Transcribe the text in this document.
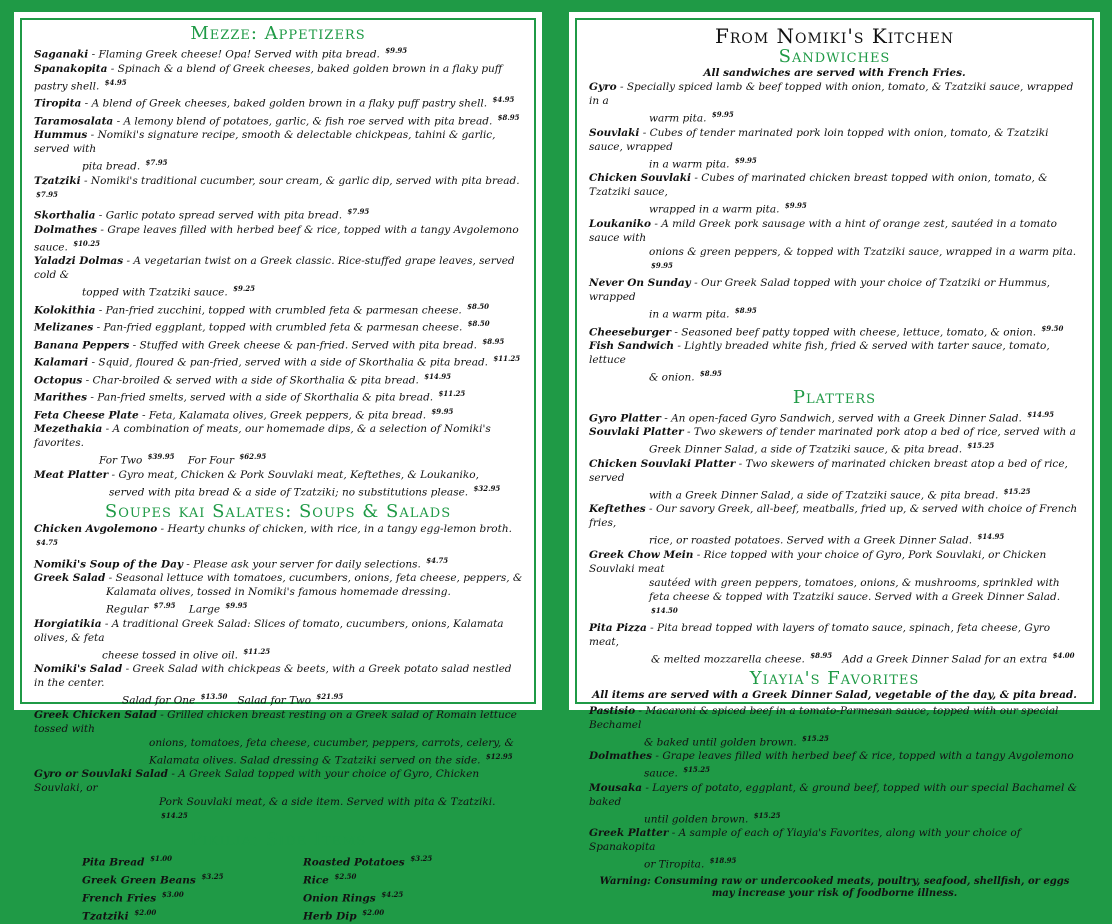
Mezze: Appetizers

Saganaki - Flaming Greek cheese! Opa! Served with pita bread. $^{\$9.95}$

Spanakopita - Spinach & a blend of Greek cheeses, baked golden brown in a flaky puff pastry shell. $^{\$4.95}$

Tiropita - A blend of Greek cheeses, baked golden brown in a flaky puff pastry shell. $^{\$4.95}$

Taramosalata - A lemony blend of potatoes, garlic, & fish roe served with pita bread. $^{\$8.95}$

Hummus - Nomiki's signature recipe, smooth & delectable chickpeas, tahini & garlic, served with
pita bread. $^{\$7.95}$

Tzatziki - Nomiki's traditional cucumber, sour cream, & garlic dip, served with pita bread. $^{\$7.95}$

Skorthalia - Garlic potato spread served with pita bread. $^{\$7.95}$

Dolmathes - Grape leaves filled with herbed beef & rice, topped with a tangy Avgolemono sauce. $^{\$10.25}$

Yaladzi Dolmas - A vegetarian twist on a Greek classic. Rice-stuffed grape leaves, served cold &
topped with Tzatziki sauce. $^{\$9.25}$

Kolokithia - Pan-fried zucchini, topped with crumbled feta & parmesan cheese. $^{\$8.50}$

Melizanes - Pan-fried eggplant, topped with crumbled feta & parmesan cheese. $^{\$8.50}$

Banana Peppers - Stuffed with Greek cheese & pan-fried. Served with pita bread. $^{\$8.95}$

Kalamari - Squid, floured & pan-fried, served with a side of Skorthalia & pita bread. $^{\$11.25}$

Octopus - Char-broiled & served with a side of Skorthalia & pita bread. $^{\$14.95}$

Marithes - Pan-fried smelts, served with a side of Skorthalia & pita bread. $^{\$11.25}$

Feta Cheese Plate - Feta, Kalamata olives, Greek peppers, & pita bread. $^{\$9.95}$

Mezethakia - A combination of meats, our homemade dips, & a selection of Nomiki's favorites.
For Two $^{\$39.95}$ For Four $^{\$62.95}$

Meat Platter - Gyro meat, Chicken & Pork Souvlaki meat, Keftethes, & Loukaniko,
served with pita bread & a side of Tzatziki; no substitutions please. $^{\$32.95}$

Soupes kai Salates: Soups & Salads

Chicken Avgolemono - Hearty chunks of chicken, with rice, in a tangy egg-lemon broth. $^{\$4.75}$

Nomiki's Soup of the Day - Please ask your server for daily selections. $^{\$4.75}$

Greek Salad - Seasonal lettuce with tomatoes, cucumbers, onions, feta cheese, peppers, &
Kalamata olives, tossed in Nomiki's famous homemade dressing.
Regular $^{\$7.95}$ Large $^{\$9.95}$

Horgiatikia - A traditional Greek Salad: Slices of tomato, cucumbers, onions, Kalamata olives, & feta
cheese tossed in olive oil. $^{\$11.25}$

Nomiki's Salad - Greek Salad with chickpeas & beets, with a Greek potato salad nestled in the center.
Salad for One $^{\$13.50}$ Salad for Two $^{\$21.95}$

Greek Chicken Salad - Grilled chicken breast resting on a Greek salad of Romain lettuce tossed with
onions, tomatoes, feta cheese, cucumber, peppers, carrots, celery, &
Kalamata olives. Salad dressing & Tzatziki served on the side. $^{\$12.95}$

Gyro or Souvlaki Salad - A Greek Salad topped with your choice of Gyro, Chicken Souvlaki, or
Pork Souvlaki meat, & a side item. Served with pita & Tzatziki. $^{\$14.25}$

Pikilia: Side Items
Pita Bread $^{\$1.00}$
Greek Green Beans $^{\$3.25}$
French Fries $^{\$3.00}$
Tzatziki $^{\$2.00}$
Roasted Potatoes $^{\$3.25}$
Rice $^{\$2.50}$
Onion Rings $^{\$4.25}$
Herb Dip $^{\$2.00}$
From Nomiki's Kitchen
Sandwiches
All sandwiches are served with French Fries.

Gyro - Specially spiced lamb & beef topped with onion, tomato, & Tzatziki sauce, wrapped in a
warm pita. $^{\$9.95}$

Souvlaki - Cubes of tender marinated pork loin topped with onion, tomato, & Tzatziki sauce, wrapped
in a warm pita. $^{\$9.95}$

Chicken Souvlaki - Cubes of marinated chicken breast topped with onion, tomato, & Tzatziki sauce,
wrapped in a warm pita. $^{\$9.95}$

Loukaniko - A mild Greek pork sausage with a hint of orange zest, sautéed in a tomato sauce with
onions & green peppers, & topped with Tzatziki sauce, wrapped in a warm pita. $^{\$9.95}$

Never On Sunday - Our Greek Salad topped with your choice of Tzatziki or Hummus, wrapped
in a warm pita. $^{\$8.95}$

Cheeseburger - Seasoned beef patty topped with cheese, lettuce, tomato, & onion. $^{\$9.50}$

Fish Sandwich - Lightly breaded white fish, fried & served with tarter sauce, tomato, lettuce
& onion. $^{\$8.95}$

Platters

Gyro Platter - An open-faced Gyro Sandwich, served with a Greek Dinner Salad. $^{\$14.95}$

Souvlaki Platter - Two skewers of tender marinated pork atop a bed of rice, served with a
Greek Dinner Salad, a side of Tzatziki sauce, & pita bread. $^{\$15.25}$

Chicken Souvlaki Platter - Two skewers of marinated chicken breast atop a bed of rice, served
with a Greek Dinner Salad, a side of Tzatziki sauce, & pita bread. $^{\$15.25}$

Keftethes - Our savory Greek, all-beef, meatballs, fried up, & served with choice of French fries,
rice, or roasted potatoes. Served with a Greek Dinner Salad. $^{\$14.95}$

Greek Chow Mein - Rice topped with your choice of Gyro, Pork Souvlaki, or Chicken Souvlaki meat
sautéed with green peppers, tomatoes, onions, & mushrooms, sprinkled with
feta cheese & topped with Tzatziki sauce. Served with a Greek Dinner Salad. $^{\$14.50}$

Pita Pizza - Pita bread topped with layers of tomato sauce, spinach, feta cheese, Gyro meat,
& melted mozzarella cheese. $^{\$8.95}$ Add a Greek Dinner Salad for an extra $^{\$4.00}$

Yiayia's Favorites
All items are served with a Greek Dinner Salad, vegetable of the day, & pita bread.

Pastisio - Macaroni & spiced beef in a tomato-Parmesan sauce, topped with our special Bechamel
& baked until golden brown. $^{\$15.25}$

Dolmathes - Grape leaves filled with herbed beef & rice, topped with a tangy Avgolemono
sauce. $^{\$15.25}$

Mousaka - Layers of potato, eggplant, & ground beef, topped with our special Bachamel & baked
until golden brown. $^{\$15.25}$

Greek Platter - A sample of each of Yiayia's Favorites, along with your choice of Spanakopita
or Tiropita. $^{\$18.95}$

Warning: Consuming raw or undercooked meats, poultry, seafood, shellfish, or eggs
may increase your risk of foodborne illness.
